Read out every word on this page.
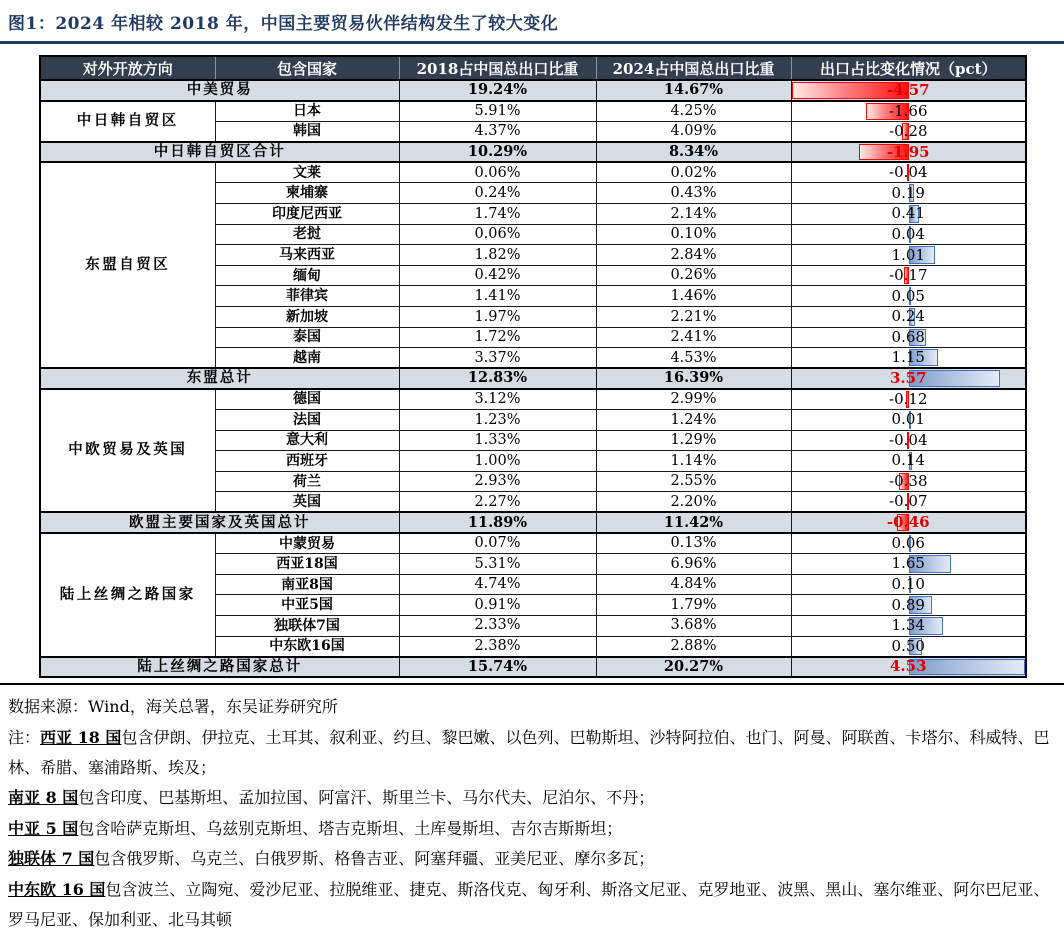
图1：2024 年相较 2018 年，中国主要贸易伙伴结构发生了较大变化
对外开放方向	包含国家	2018占中国总出口比重	2024占中国总出口比重	出口占比变化情况（pct）
中美贸易		19.24%	14.67%	-4.57
中日韩自贸区	日本	5.91%	4.25%	-1.66
	韩国	4.37%	4.09%	-0.28
中日韩自贸区合计		10.29%	8.34%	-1.95
东盟自贸区	文莱	0.06%	0.02%	-0.04
	柬埔寨	0.24%	0.43%	0.19
	印度尼西亚	1.74%	2.14%	0.41
	老挝	0.06%	0.10%	0.04
	马来西亚	1.82%	2.84%	1.01
	缅甸	0.42%	0.26%	-0.17
	菲律宾	1.41%	1.46%	0.05
	新加坡	1.97%	2.21%	0.24
	泰国	1.72%	2.41%	0.68
	越南	3.37%	4.53%	1.15
东盟总计		12.83%	16.39%	3.57
中欧贸易及英国	德国	3.12%	2.99%	-0.12
	法国	1.23%	1.24%	0.01
	意大利	1.33%	1.29%	-0.04
	西班牙	1.00%	1.14%	0.14
	荷兰	2.93%	2.55%	-0.38
	英国	2.27%	2.20%	-0.07
欧盟主要国家及英国总计		11.89%	11.42%	-0.46
陆上丝绸之路国家	中蒙贸易	0.07%	0.13%	0.06
	西亚18国	5.31%	6.96%	1.65
	南亚8国	4.74%	4.84%	0.10
	中亚5国	0.91%	1.79%	0.89
	独联体7国	2.33%	3.68%	1.34
	中东欧16国	2.38%	2.88%	0.50
陆上丝绸之路国家总计		15.74%	20.27%	4.53
数据来源：Wind，海关总署，东吴证券研究所
注：西亚 18 国包含伊朗、伊拉克、土耳其、叙利亚、约旦、黎巴嫩、以色列、巴勒斯坦、沙特阿拉伯、也门、阿曼、阿联酋、卡塔尔、科威特、巴林、希腊、塞浦路斯、埃及；
南亚 8 国包含印度、巴基斯坦、孟加拉国、阿富汗、斯里兰卡、马尔代夫、尼泊尔、不丹；
中亚 5 国包含哈萨克斯坦、乌兹别克斯坦、塔吉克斯坦、土库曼斯坦、吉尔吉斯斯坦；
独联体 7 国包含俄罗斯、乌克兰、白俄罗斯、格鲁吉亚、阿塞拜疆、亚美尼亚、摩尔多瓦；
中东欧 16 国包含波兰、立陶宛、爱沙尼亚、拉脱维亚、捷克、斯洛伐克、匈牙利、斯洛文尼亚、克罗地亚、波黑、黑山、塞尔维亚、阿尔巴尼亚、罗马尼亚、保加利亚、北马其顿
